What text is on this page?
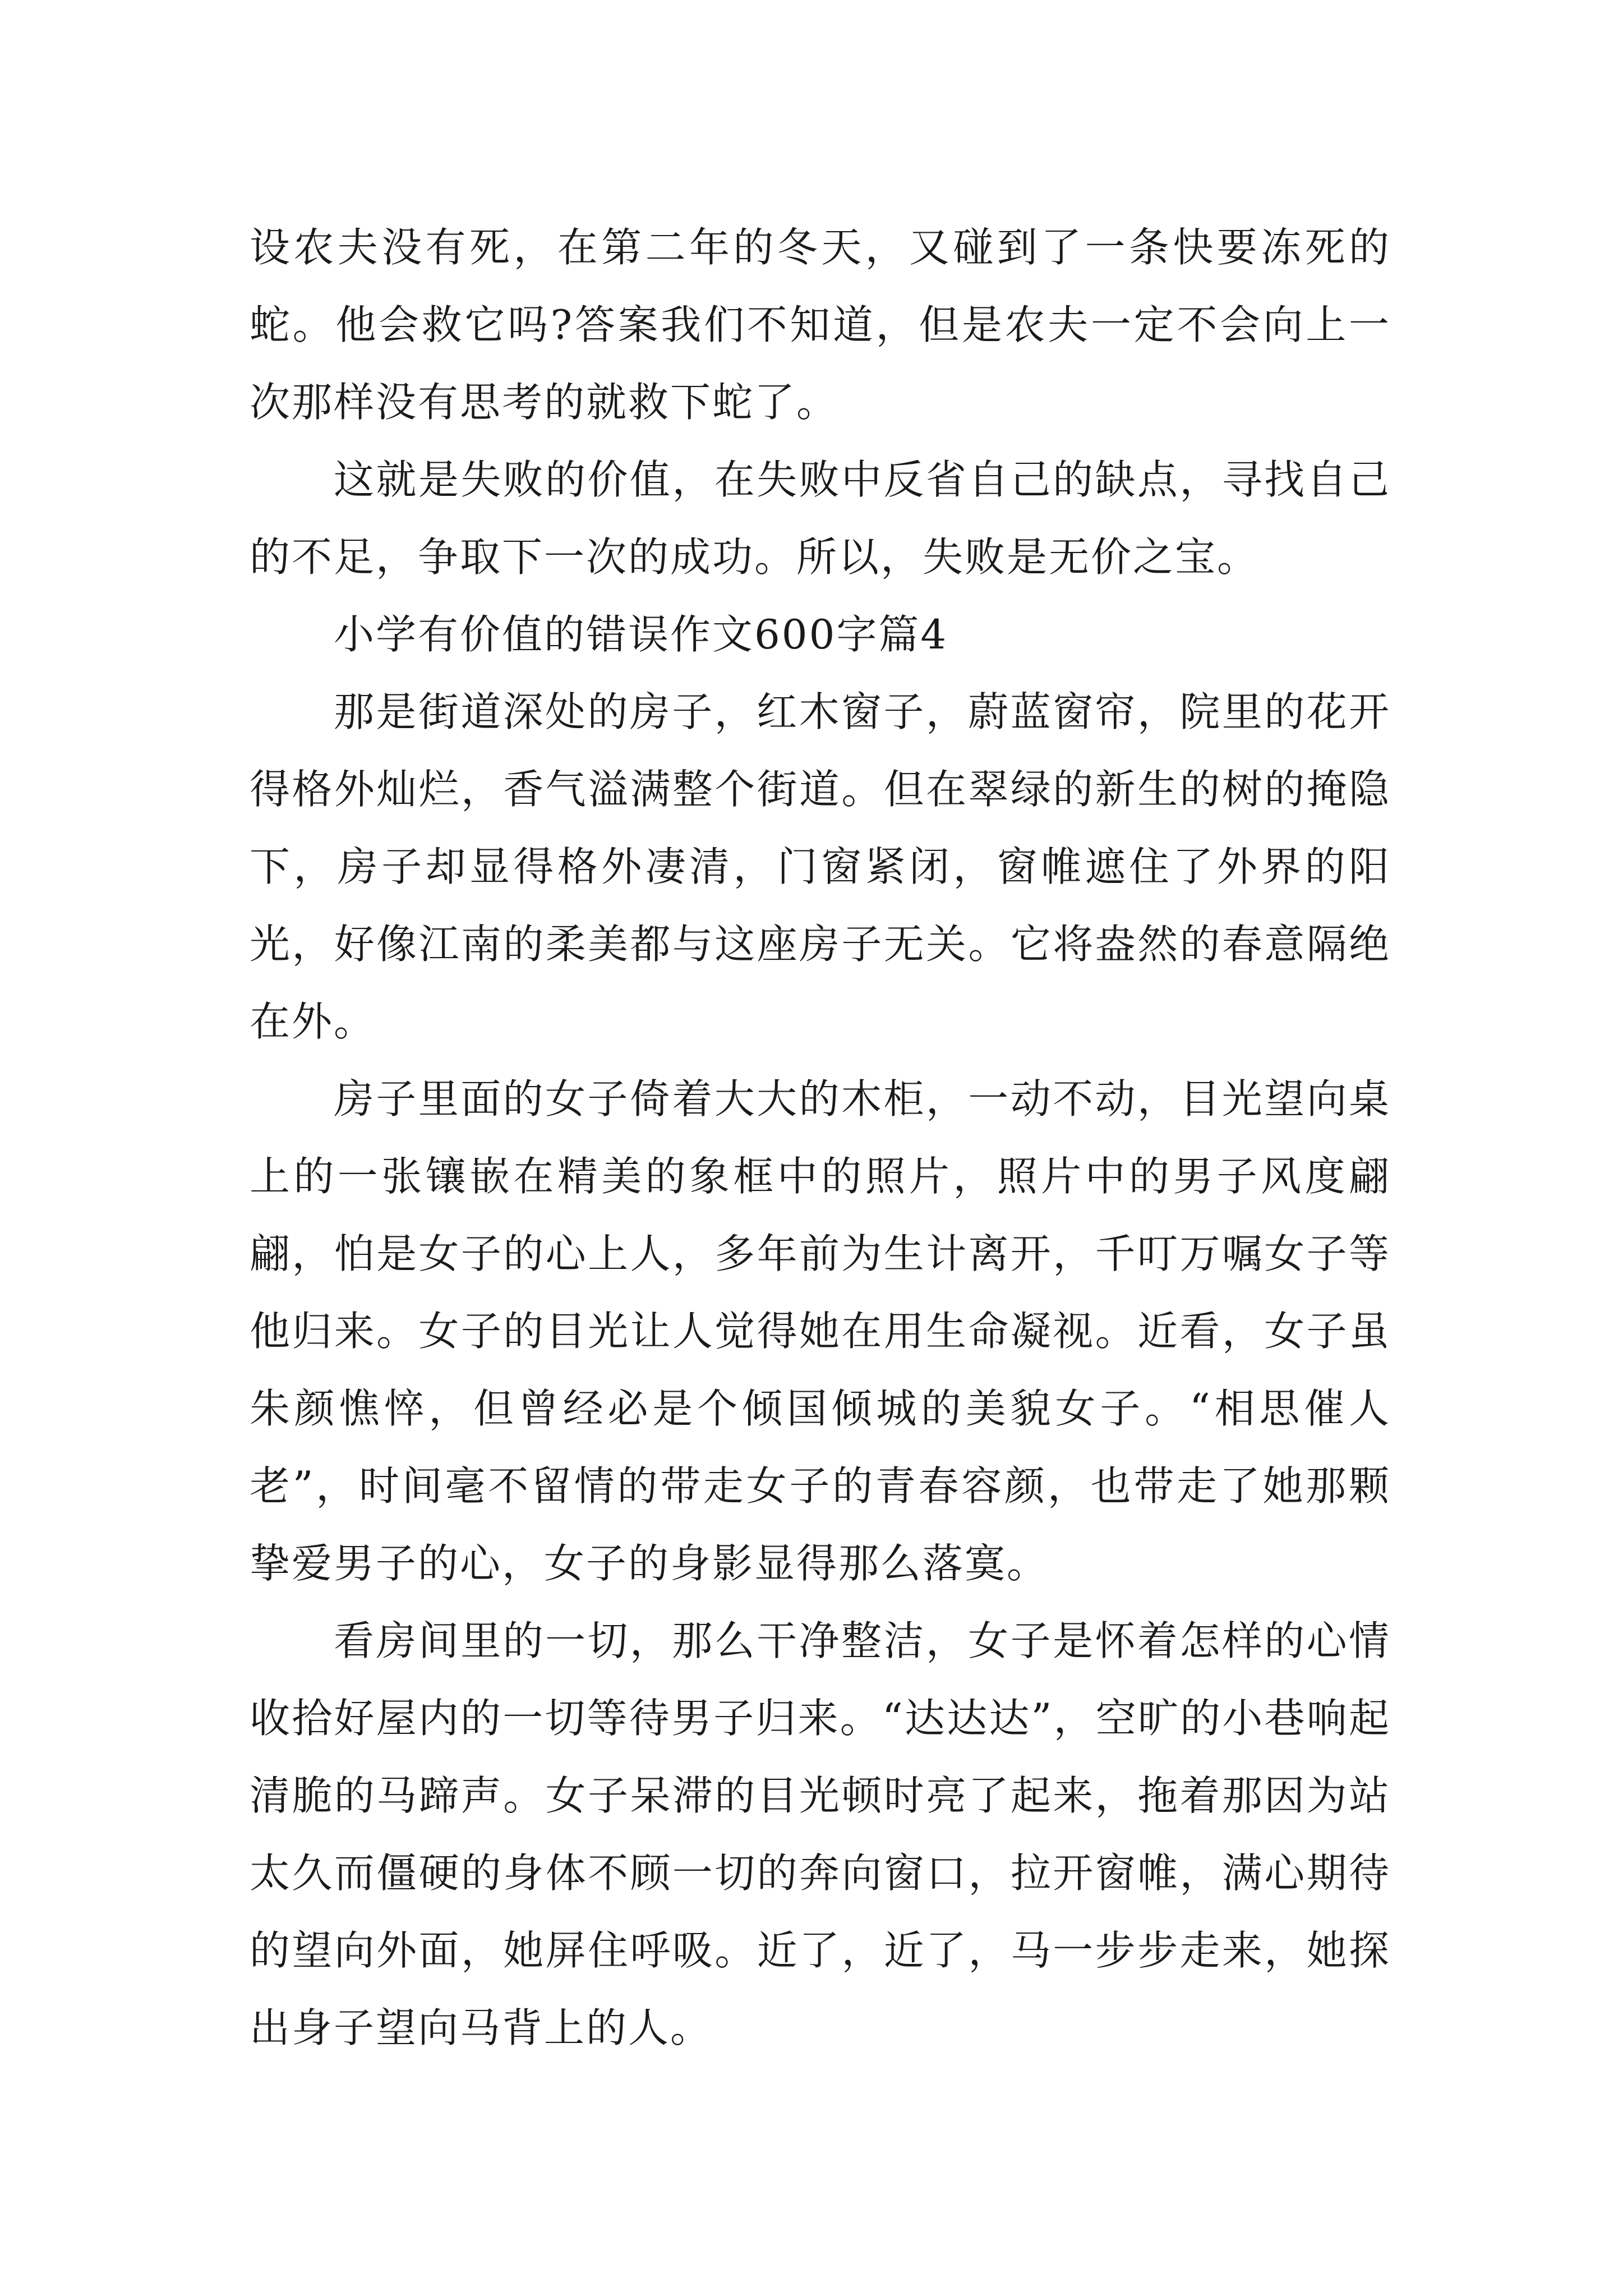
设农夫没有死，在第二年的冬天，又碰到了一条快要冻死的蛇。他会救它吗?答案我们不知道，但是农夫一定不会向上一次那样没有思考的就救下蛇了。

这就是失败的价值，在失败中反省自己的缺点，寻找自己的不足，争取下一次的成功。所以，失败是无价之宝。

小学有价值的错误作文600字篇4

那是街道深处的房子，红木窗子，蔚蓝窗帘，院里的花开得格外灿烂，香气溢满整个街道。但在翠绿的新生的树的掩隐下，房子却显得格外凄清，门窗紧闭，窗帷遮住了外界的阳光，好像江南的柔美都与这座房子无关。它将盎然的春意隔绝在外。

房子里面的女子倚着大大的木柜，一动不动，目光望向桌上的一张镶嵌在精美的象框中的照片，照片中的男子风度翩翩，怕是女子的心上人，多年前为生计离开，千叮万嘱女子等他归来。女子的目光让人觉得她在用生命凝视。近看，女子虽朱颜憔悴，但曾经必是个倾国倾城的美貌女子。“相思催人老”，时间毫不留情的带走女子的青春容颜，也带走了她那颗挚爱男子的心，女子的身影显得那么落寞。

看房间里的一切，那么干净整洁，女子是怀着怎样的心情收拾好屋内的一切等待男子归来。“达达达”，空旷的小巷响起清脆的马蹄声。女子呆滞的目光顿时亮了起来，拖着那因为站太久而僵硬的身体不顾一切的奔向窗口，拉开窗帷，满心期待的望向外面，她屏住呼吸。近了，近了，马一步步走来，她探出身子望向马背上的人。
